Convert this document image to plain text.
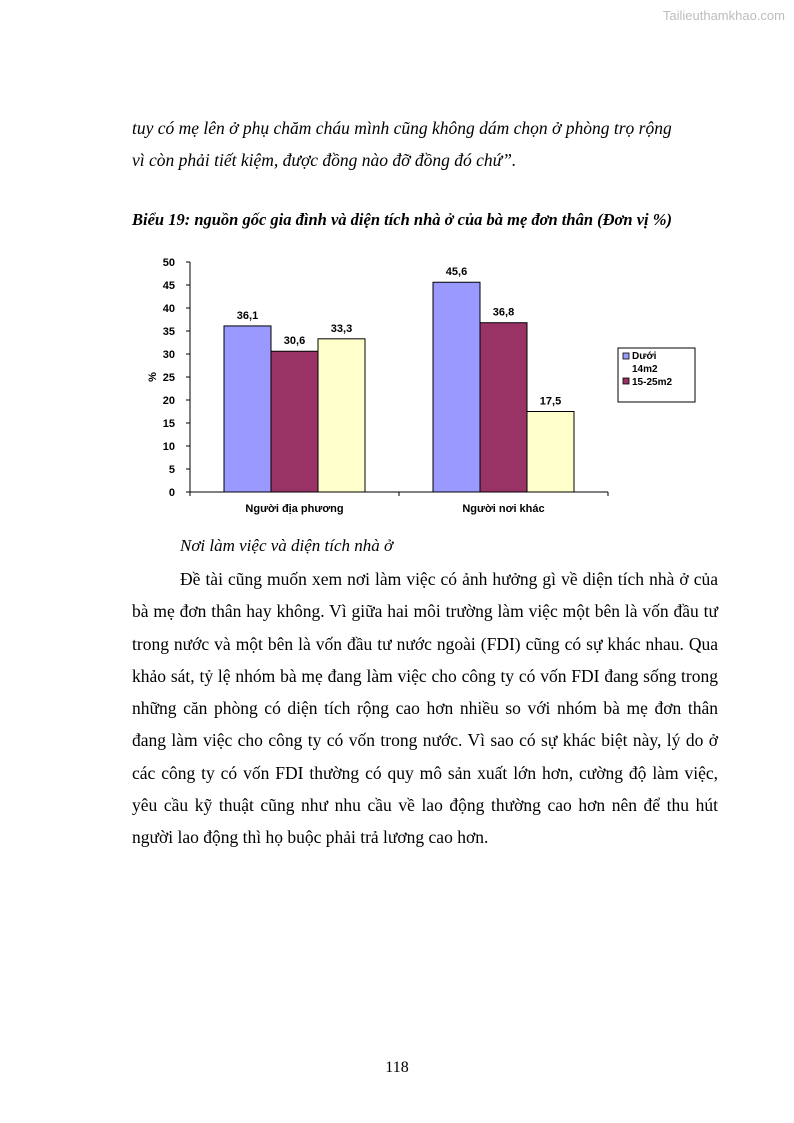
Tailieuthamkhao.com

tuy có mẹ lên ở phụ chăm cháu mình cũng không dám chọn ở phòng trọ rộng

vì còn phải tiết kiệm, được đồng nào đỡ đồng đó chứ”.

Biểu 19: nguồn gốc gia đình và diện tích nhà ở của bà mẹ đơn thân (Đơn vị %)
0
5
10
15
20
25
30
35
40
45
50
%
Người địa phương	Người nơi khác
36,1
30,6
33,3
45,6
36,8
17,5
Dưới
14m2
15-25m2
Nơi làm việc và diện tích nhà ở

Đề tài cũng muốn xem nơi làm việc có ảnh hưởng gì về diện tích nhà ở của bà mẹ đơn thân hay không. Vì giữa hai môi trường làm việc một bên là vốn đầu tư trong nước và một bên là vốn đầu tư nước ngoài (FDI) cũng có sự khác nhau. Qua khảo sát, tỷ lệ nhóm bà mẹ đang làm việc cho công ty có vốn FDI đang sống trong những căn phòng có diện tích rộng cao hơn nhiều so với nhóm bà mẹ đơn thân đang làm việc cho công ty có vốn trong nước. Vì sao có sự khác biệt này, lý do ở các công ty có vốn FDI thường có quy mô sản xuất lớn hơn, cường độ làm việc, yêu cầu kỹ thuật cũng như nhu cầu về lao động thường cao hơn nên để thu hút người lao động thì họ buộc phải trả lương cao hơn.

118
